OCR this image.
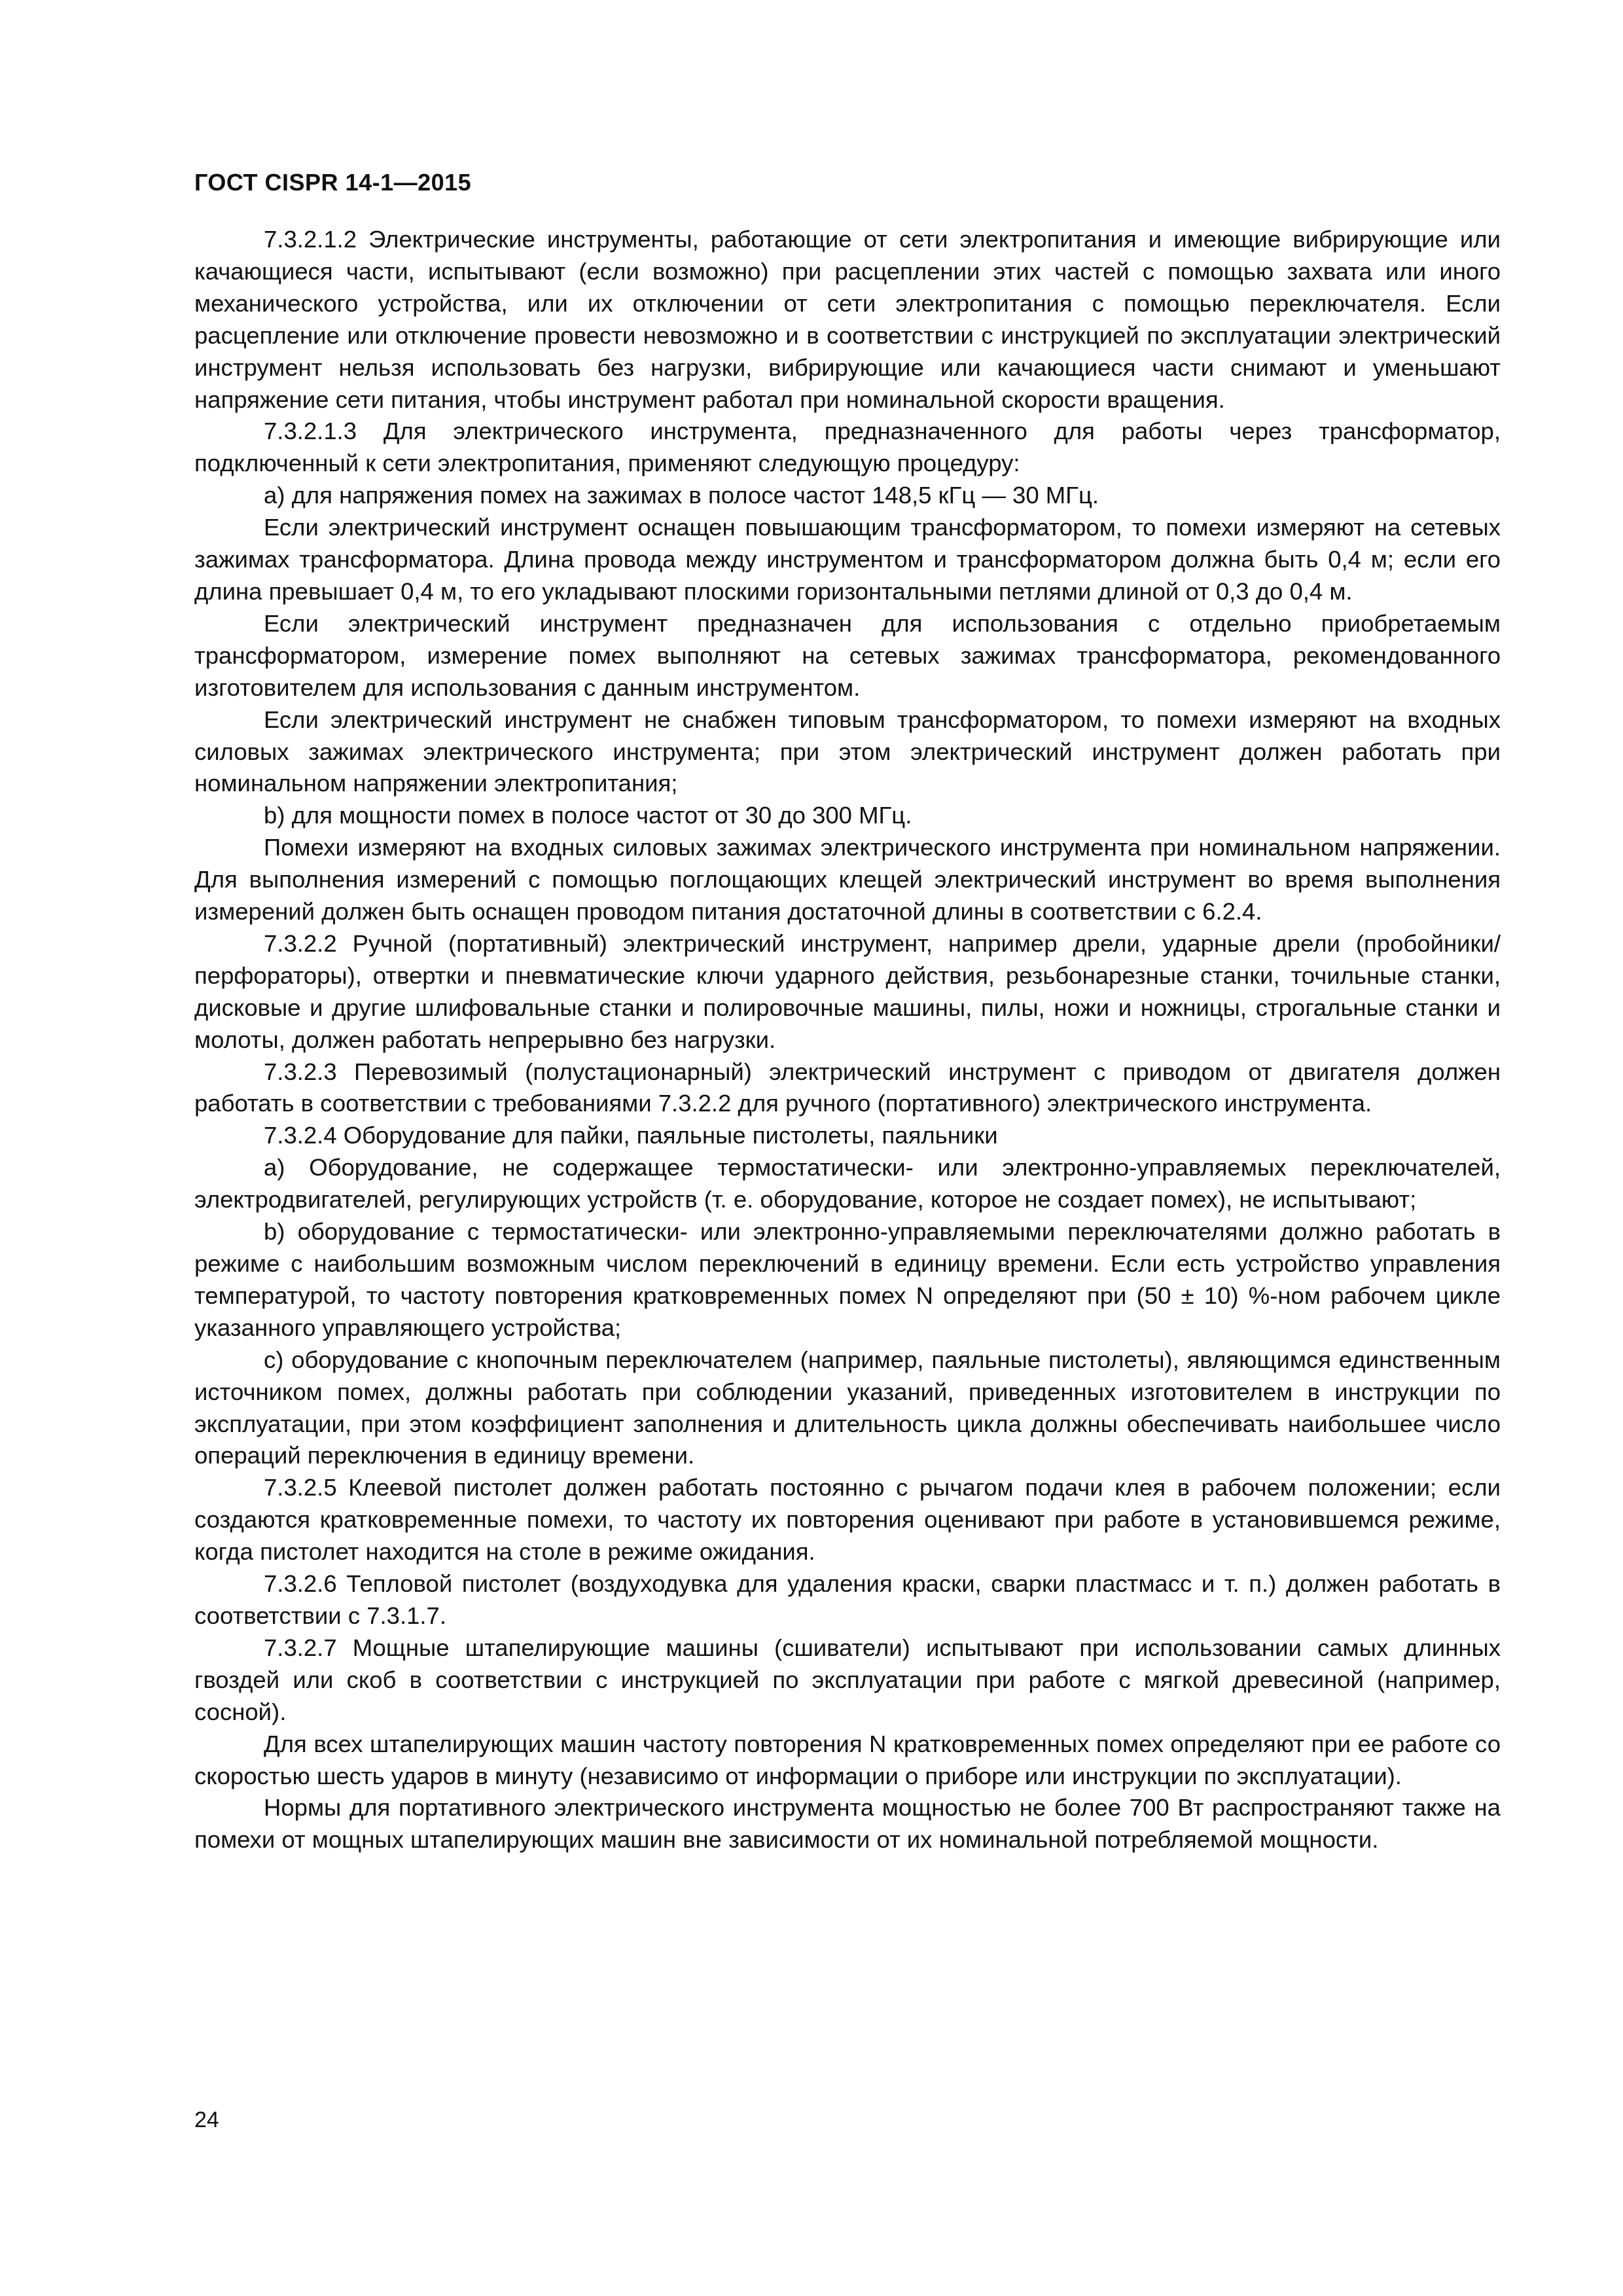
ГОСТ CISPR 14-1—2015

7.3.2.1.2 Электрические инструменты, работающие от сети электропитания и имеющие вибрирующие или качающиеся части, испытывают (если возможно) при расцеплении этих частей с помощью захвата или иного механического устройства, или их отключении от сети электропитания с помощью переключателя. Если расцепление или отключение провести невозможно и в соответствии с инструкцией по эксплуатации электрический инструмент нельзя использовать без нагрузки, вибрирующие или качающиеся части снимают и уменьшают напряжение сети питания, чтобы инструмент работал при номинальной скорости вращения.

7.3.2.1.3 Для электрического инструмента, предназначенного для работы через трансформатор, подключенный к сети электропитания, применяют следующую процедуру:

a) для напряжения помех на зажимах в полосе частот 148,5 кГц — 30 МГц.

Если электрический инструмент оснащен повышающим трансформатором, то помехи измеряют на сетевых зажимах трансформатора. Длина провода между инструментом и трансформатором должна быть 0,4 м; если его длина превышает 0,4 м, то его укладывают плоскими горизонтальными петлями длиной от 0,3 до 0,4 м.

Если электрический инструмент предназначен для использования с отдельно приобретаемым трансформатором, измерение помех выполняют на сетевых зажимах трансформатора, рекомендованного изготовителем для использования с данным инструментом.

Если электрический инструмент не снабжен типовым трансформатором, то помехи измеряют на входных силовых зажимах электрического инструмента; при этом электрический инструмент должен работать при номинальном напряжении электропитания;

b) для мощности помех в полосе частот от 30 до 300 МГц.

Помехи измеряют на входных силовых зажимах электрического инструмента при номинальном напряжении. Для выполнения измерений с помощью поглощающих клещей электрический инструмент во время выполнения измерений должен быть оснащен проводом питания достаточной длины в соответствии с 6.2.4.

7.3.2.2 Ручной (портативный) электрический инструмент, например дрели, ударные дрели (пробойники/перфораторы), отвертки и пневматические ключи ударного действия, резьбонарезные станки, точильные станки, дисковые и другие шлифовальные станки и полировочные машины, пилы, ножи и ножницы, строгальные станки и молоты, должен работать непрерывно без нагрузки.

7.3.2.3 Перевозимый (полустационарный) электрический инструмент с приводом от двигателя должен работать в соответствии с требованиями 7.3.2.2 для ручного (портативного) электрического инструмента.

7.3.2.4 Оборудование для пайки, паяльные пистолеты, паяльники

a) Оборудование, не содержащее термостатически- или электронно-управляемых переключателей, электродвигателей, регулирующих устройств (т. е. оборудование, которое не создает помех), не испытывают;

b) оборудование с термостатически- или электронно-управляемыми переключателями должно работать в режиме с наибольшим возможным числом переключений в единицу времени. Если есть устройство управления температурой, то частоту повторения кратковременных помех N определяют при (50 ± 10) %-ном рабочем цикле указанного управляющего устройства;

c) оборудование с кнопочным переключателем (например, паяльные пистолеты), являющимся единственным источником помех, должны работать при соблюдении указаний, приведенных изготовителем в инструкции по эксплуатации, при этом коэффициент заполнения и длительность цикла должны обеспечивать наибольшее число операций переключения в единицу времени.

7.3.2.5 Клеевой пистолет должен работать постоянно с рычагом подачи клея в рабочем положении; если создаются кратковременные помехи, то частоту их повторения оценивают при работе в установившемся режиме, когда пистолет находится на столе в режиме ожидания.

7.3.2.6 Тепловой пистолет (воздуходувка для удаления краски, сварки пластмасс и т. п.) должен работать в соответствии с 7.3.1.7.

7.3.2.7 Мощные штапелирующие машины (сшиватели) испытывают при использовании самых длинных гвоздей или скоб в соответствии с инструкцией по эксплуатации при работе с мягкой древесиной (например, сосной).

Для всех штапелирующих машин частоту повторения N кратковременных помех определяют при ее работе со скоростью шесть ударов в минуту (независимо от информации о приборе или инструкции по эксплуатации).

Нормы для портативного электрического инструмента мощностью не более 700 Вт распространяют также на помехи от мощных штапелирующих машин вне зависимости от их номинальной потребляемой мощности.

24
